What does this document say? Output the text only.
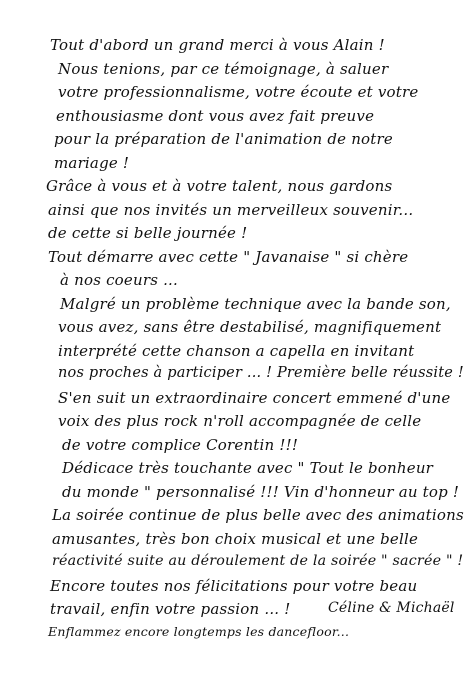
Tout d'abord un grand merci à vous Alain !
Nous tenions, par ce témoignage, à saluer
votre professionnalisme, votre écoute et votre
enthousiasme dont vous avez fait preuve
pour la préparation de l'animation de notre
mariage !
Grâce à vous et à votre talent, nous gardons
ainsi que nos invités un merveilleux souvenir...
de cette si belle journée !
Tout démarre avec cette " Javanaise " si chère
à nos coeurs ...
Malgré un problème technique avec la bande son,
vous avez, sans être destabilisé, magnifiquement
interprété cette chanson a capella en invitant
nos proches à participer ... ! Première belle réussite !
S'en suit un extraordinaire concert emmené d'une
voix des plus rock n'roll accompagnée de celle
de votre complice Corentin !!!
Dédicace très touchante avec " Tout le bonheur
du monde " personnalisé !!! Vin d'honneur au top !
La soirée continue de plus belle avec des animations
amusantes, très bon choix musical et une belle
réactivité suite au déroulement de la soirée " sacrée " !
Encore toutes nos félicitations pour votre beau
travail, enfin votre passion ... !	Céline & Michaël
Enflammez encore longtemps les dancefloor...
